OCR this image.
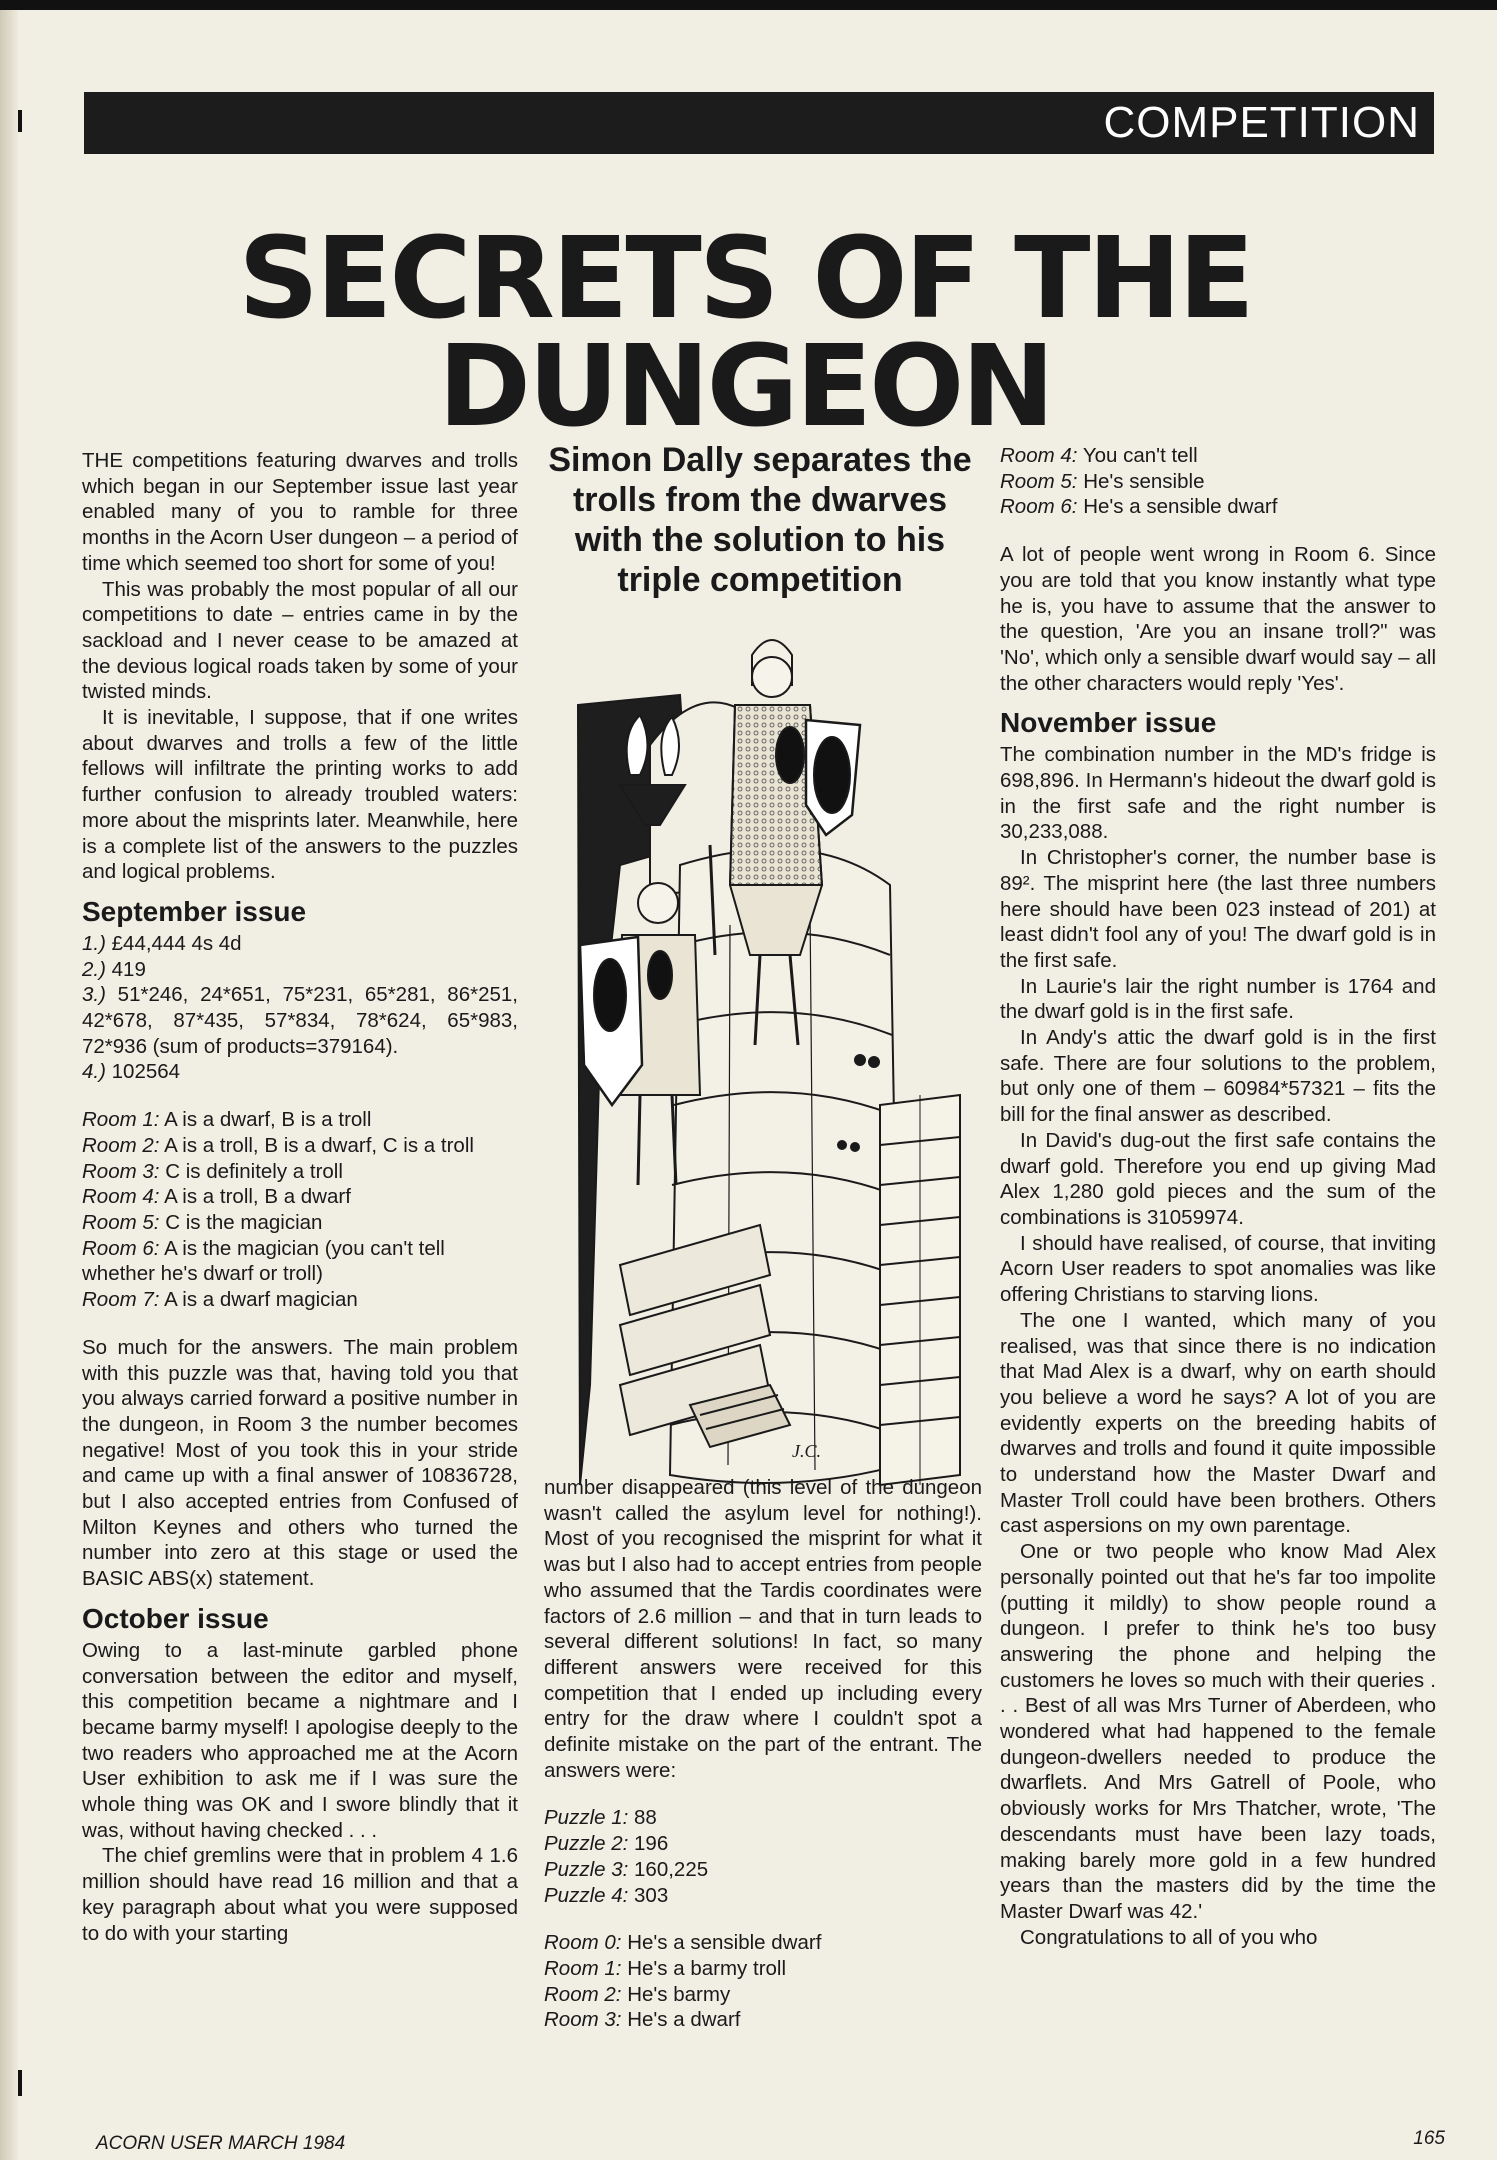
COMPETITION
SECRETS OF THE
DUNGEON

THE competitions featuring dwarves and trolls which began in our September issue last year enabled many of you to ramble for three months in the Acorn User dungeon – a period of time which seemed too short for some of you!

This was probably the most popular of all our competitions to date – entries came in by the sackload and I never cease to be amazed at the devious logical roads taken by some of your twisted minds.

It is inevitable, I suppose, that if one writes about dwarves and trolls a few of the little fellows will infiltrate the printing works to add further confusion to already troubled waters: more about the misprints later. Meanwhile, here is a complete list of the answers to the puzzles and logical problems.

September issue
1.) £44,444 4s 4d
2.) 419
3.) 51*246, 24*651, 75*231, 65*281, 86*251, 42*678, 87*435, 57*834, 78*624, 65*983, 72*936 (sum of products=379164).
4.) 102564
Room 1: A is a dwarf, B is a troll
Room 2: A is a troll, B is a dwarf, C is a troll
Room 3: C is definitely a troll
Room 4: A is a troll, B a dwarf
Room 5: C is the magician
Room 6: A is the magician (you can't tell whether he's dwarf or troll)
Room 7: A is a dwarf magician

So much for the answers. The main problem with this puzzle was that, having told you that you always carried forward a positive number in the dungeon, in Room 3 the number becomes negative! Most of you took this in your stride and came up with a final answer of 10836728, but I also accepted entries from Confused of Milton Keynes and others who turned the number into zero at this stage or used the BASIC ABS(x) statement.

October issue

Owing to a last-minute garbled phone conversation between the editor and myself, this competition became a nightmare and I became barmy myself! I apologise deeply to the two readers who approached me at the Acorn User exhibition to ask me if I was sure the whole thing was OK and I swore blindly that it was, without having checked . . .

The chief gremlins were that in problem 4 1.6 million should have read 16 million and that a key paragraph about what you were supposed to do with your starting

Simon Dally separates the trolls from the dwarves with the solution to his triple competition
J.C.

number disappeared (this level of the dungeon wasn't called the asylum level for nothing!). Most of you recognised the misprint for what it was but I also had to accept entries from people who assumed that the Tardis coordinates were factors of 2.6 million – and that in turn leads to several different solutions! In fact, so many different answers were received for this competition that I ended up including every entry for the draw where I couldn't spot a definite mistake on the part of the entrant. The answers were:

Puzzle 1: 88
Puzzle 2: 196
Puzzle 3: 160,225
Puzzle 4: 303
Room 0: He's a sensible dwarf
Room 1: He's a barmy troll
Room 2: He's barmy
Room 3: He's a dwarf
Room 4: You can't tell
Room 5: He's sensible
Room 6: He's a sensible dwarf

A lot of people went wrong in Room 6. Since you are told that you know instantly what type he is, you have to assume that the answer to the question, 'Are you an insane troll?" was 'No', which only a sensible dwarf would say – all the other characters would reply 'Yes'.

November issue

The combination number in the MD's fridge is 698,896. In Hermann's hideout the dwarf gold is in the first safe and the right number is 30,233,088.

In Christopher's corner, the number base is 89². The misprint here (the last three numbers here should have been 023 instead of 201) at least didn't fool any of you! The dwarf gold is in the first safe.

In Laurie's lair the right number is 1764 and the dwarf gold is in the first safe.

In Andy's attic the dwarf gold is in the first safe. There are four solutions to the problem, but only one of them – 60984*57321 – fits the bill for the final answer as described.

In David's dug-out the first safe contains the dwarf gold. Therefore you end up giving Mad Alex 1,280 gold pieces and the sum of the combinations is 31059974.

I should have realised, of course, that inviting Acorn User readers to spot anomalies was like offering Christians to starving lions.

The one I wanted, which many of you realised, was that since there is no indication that Mad Alex is a dwarf, why on earth should you believe a word he says? A lot of you are evidently experts on the breeding habits of dwarves and trolls and found it quite impossible to understand how the Master Dwarf and Master Troll could have been brothers. Others cast aspersions on my own parentage.

One or two people who know Mad Alex personally pointed out that he's far too impolite (putting it mildly) to show people round a dungeon. I prefer to think he's too busy answering the phone and helping the customers he loves so much with their queries . . . Best of all was Mrs Turner of Aberdeen, who wondered what had happened to the female dungeon-dwellers needed to produce the dwarflets. And Mrs Gatrell of Poole, who obviously works for Mrs Thatcher, wrote, 'The descendants must have been lazy toads, making barely more gold in a few hundred years than the masters did by the time the Master Dwarf was 42.'

Congratulations to all of you who

ACORN USER MARCH 1984	165
